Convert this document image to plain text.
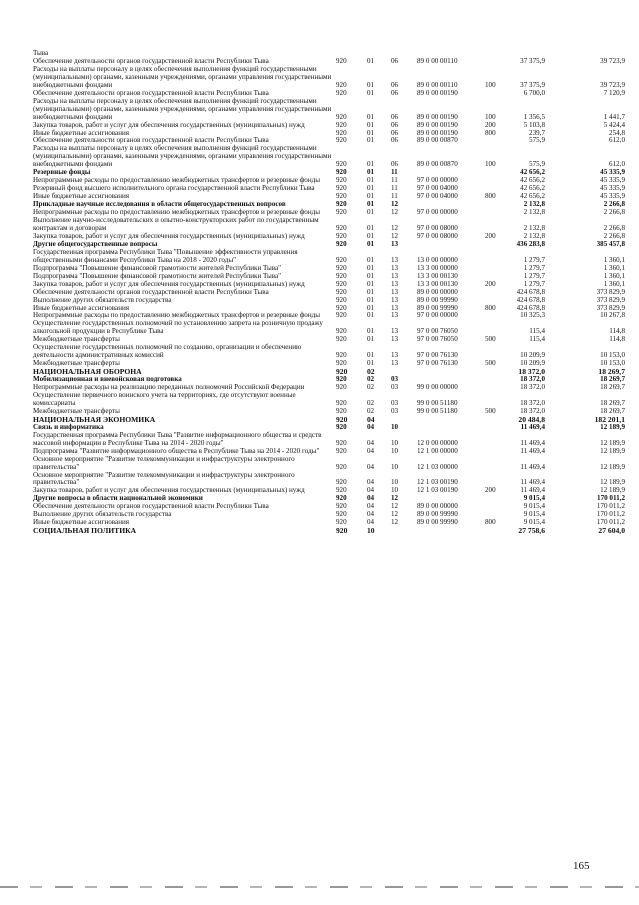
Тыва
Обеспечение деятельности органов государственной власти Республики Тыва	920	01 06	89 0 00 00110	37 375,9	39 723,9
Расходы на выплаты персоналу в целях обеспечения выполнения функций государственными (муниципальными) органами, казенными учреждениями, органами управления государственными внебюджетными фондами	920	01 06	89 0 00 00110	100	37 375,9	39 723,9
Обеспечение деятельности органов государственной власти Республики Тыва	920	01 06	89 0 00 00190	6 700,0	7 120,9
Расходы на выплаты персоналу в целях обеспечения выполнения функций государственными (муниципальными) органами, казенными учреждениями, органами управления государственными внебюджетными фондами	920	01 06	89 0 00 00190	100	1 356,5	1 441,7
Закупка товаров, работ и услуг для обеспечения государственных (муниципальных) нужд	920	01 06	89 0 00 00190	200	5 103,8	5 424,4
Иные бюджетные ассигнования	920	01 06	89 0 00 00190	800	239,7	254,8
Обеспечение деятельности органов государственной власти Республики Тыва	920	01 06	89 0 00 00870	575,9	612,0
Расходы на выплаты персоналу в целях обеспечения выполнения функций государственными (муниципальными) органами, казенными учреждениями, органами управления государственными внебюджетными фондами	920	01 06	89 0 00 00870	100	575,9	612,0
Резервные фонды	920	01 11	42 656,2	45 335,9
Непрограммные расходы по предоставлению межбюджетных трансфертов и резервные фонды	920	01 11	97 0 00 00000	42 656,2	45 335,9
Резервный фонд высшего исполнительного органа государственной власти Республики Тыва	920	01 11	97 0 00 04000	42 656,2	45 335,9
Иные бюджетные ассигнования	920	01 11	97 0 00 04000	800	42 656,2	45 335,9
Прикладные научные исследования в области общегосударственных вопросов	920	01 12	2 132,8	2 266,8
Непрограммные расходы по предоставлению межбюджетных трансфертов и резервные фонды	920	01 12	97 0 00 00000	2 132,8	2 266,8
Выполнение научно-исследовательских и опытно-конструкторских работ по государственным контрактам и договорам	920	01 12	97 0 00 08000	2 132,8	2 266,8
Закупка товаров, работ и услуг для обеспечения государственных (муниципальных) нужд	920	01 12	97 0 00 08000	200	2 132,8	2 266,8
Другие общегосударственные вопросы	920	01 13	436 283,8	385 457,8
Государственная программа Республики Тыва "Повышение эффективности управления общественными финансами Республики Тыва на 2018 - 2020 годы"	920	01 13	13 0 00 00000	1 279,7	1 360,1
Подпрограмма "Повышение финансовой грамотности жителей Республики Тыва"	920	01 13	13 3 00 00000	1 279,7	1 360,1
Подпрограмма "Повышение финансовой грамотности жителей Республики Тыва"	920	01 13	13 3 00 00130	1 279,7	1 360,1
Закупка товаров, работ и услуг для обеспечения государственных (муниципальных) нужд	920	01 13	13 3 00 00130	200	1 279,7	1 360,1
Обеспечение деятельности органов государственной власти Республики Тыва	920	01 13	89 0 00 00000	424 678,8	373 829,9
Выполнение других обязательств государства	920	01 13	89 0 00 99990	424 678,8	373 829,9
Иные бюджетные ассигнования	920	01 13	89 0 00 99990	800	424 678,8	373 829,9
Непрограммные расходы по предоставлению межбюджетных трансфертов и резервные фонды	920	01 13	97 0 00 00000	10 325,3	10 267,8
Осуществление государственных полномочий по установлению запрета на розничную продажу алкогольной продукции в Республике Тыва	920	01 13	97 0 00 76050	115,4	114,8
Межбюджетные трансферты	920	01 13	97 0 00 76050	500	115,4	114,8
Осуществление государственных полномочий по созданию, организации и обеспечению деятельности административных комиссий	920	01 13	97 0 00 76130	10 209,9	10 153,0
Межбюджетные трансферты	920	01 13	97 0 00 76130	500	10 209,9	10 153,0
НАЦИОНАЛЬНАЯ ОБОРОНА	920	02	18 372,0	18 269,7
Мобилизационная и вневойсковая подготовка	920	02 03	18 372,0	18 269,7
Непрограммные расходы на реализацию переданных полномочий Российской Федерации	920	02 03	99 0 00 00000	18 372,0	18 269,7
Осуществление первичного воинского учета на территориях, где отсутствуют военные комиссариаты	920	02 03	99 0 00 51180	18 372,0	18 269,7
Межбюджетные трансферты	920	02 03	99 0 00 51180	500	18 372,0	18 269,7
НАЦИОНАЛЬНАЯ ЭКОНОМИКА	920	04	20 484,8	182 201,1
Связь и информатика	920	04 10	11 469,4	12 189,9
Государственная программа Республики Тыва "Развитие информационного общества и средств массовой информации в Республике Тыва на 2014 - 2020 годы"	920	04 10	12 0 00 00000	11 469,4	12 189,9
Подпрограмма "Развитие информационного общества в Республике Тыва на 2014 - 2020 годы"	920	04 10	12 1 00 00000	11 469,4	12 189,9
Основное мероприятие "Развитие телекоммуникации и инфраструктуры электронного правительства"	920	04 10	12 1 03 00000	11 469,4	12 189,9
Основное мероприятие "Развитие телекоммуникации и инфраструктуры электронного правительства"	920	04 10	12 1 03 00190	11 469,4	12 189,9
Закупка товаров, работ и услуг для обеспечения государственных (муниципальных) нужд	920	04 10	12 1 03 00190	200	11 469,4	12 189,9
Другие вопросы в области национальной экономики	920	04 12	9 015,4	170 011,2
Обеспечение деятельности органов государственной власти Республики Тыва	920	04 12	89 0 00 00000	9 015,4	170 011,2
Выполнение других обязательств государства	920	04 12	89 0 00 99990	9 015,4	170 011,2
Иные бюджетные ассигнования	920	04 12	89 0 00 99990	800	9 015,4	170 011,2
СОЦИАЛЬНАЯ ПОЛИТИКА	920	10	27 758,6	27 604,0
165
